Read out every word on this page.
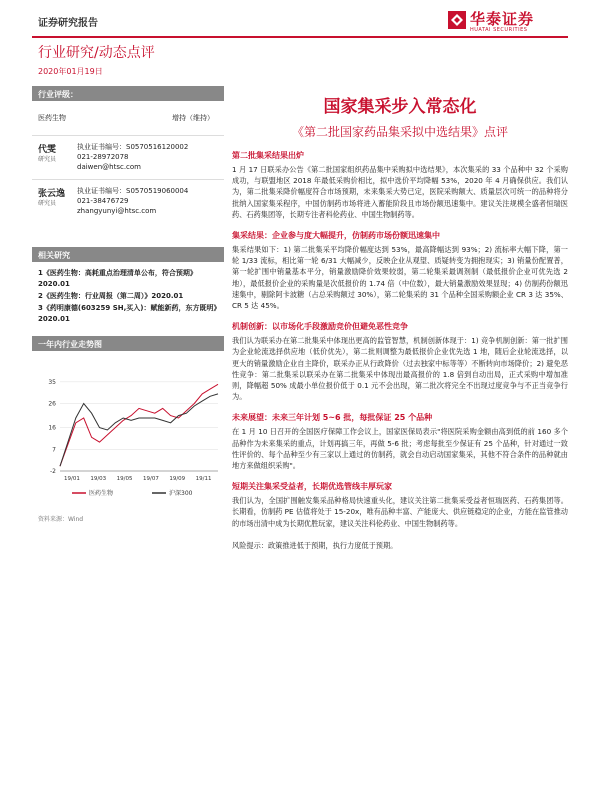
证券研究报告	华泰证券
HUATAI SECURITIES
行业研究/动态点评
2020年01月19日
行业评级：
医药生物	增持（维持）
代雯
研究员
执业证书编号：S0570516120002
021-28972078
daiwen@htsc.com
张云逸
研究员
执业证书编号：S0570519060004
021-38476729
zhangyunyi@htsc.com
相关研究
1《医药生物：高耗重点治理清单公布，符合预期》2020.01
2《医药生物：行业周报（第二周）》2020.01
3《药明康德(603259 SH,买入)：赋能新药，东方既明》2020.01
一年内行业走势图
-2
7
16
26
35
19/01 19/03 19/05 19/07 19/09 19/11
医药生物	沪深300
资料来源：Wind
国家集采步入常态化
《第二批国家药品集采拟中选结果》点评
第二批集采结果出炉
1 月 17 日联采办公告《第二批国家组织药品集中采购拟中选结果》，本次集采的 33 个品种中 32 个采购成功，与联盟地区 2018 年最低采购价相比，拟中选价平均降幅 53%，2020 年 4 月确保供应。我们认为，第二批集采降价幅度符合市场预期，未来集采大势已定，医院采购额大、质量层次可统一的品种将分批纳入国家集采程序，中国仿制药市场将进入蓄能阶段且市场份额迅速集中。建议关注规模全盛者恒瑞医药、石药集团等，长期专注者科伦药业、中国生物制药等。
集采结果：企业参与度大幅提升，仿制药市场份额迅速集中
集采结果如下：1) 第二批集采平均降价幅度达到 53%，最高降幅达到 93%；2) 流标率大幅下降，第一轮 1/33 流标，相比第一轮 6/31 大幅减少，反映企业从观望、质疑转变为拥抱现实；3) 销量份配置普，第一轮扩围中销量基本平分，销量激励降价效果较弱，第二轮集采最调剂制（最低报价企业可优先选 2 地），最低报价企业的采购量是次低报价的 1.74 倍（中位数），最大销量激励效果显现；4) 仿制药份额迅速集中，剔除阿卡波糖（占总采购额过 30%），第二轮集采的 31 个品种全国采购额企业 CR 3 达 35%、CR 5 达 45%。
机制创新：以市场化手段激励竞价但避免恶性竞争
我们认为联采办在第二批集采中体现出更高的监管智慧，机制创新体现于：1) 竞争机制创新：第一批扩围为企业轮流选择供应地（低价优先），第二批则调整为最低报价企业优先选 1 地，随后企业轮流选择，以更大的销量激励企业自主降价，联采办正从行政降价（过去独家中标等等）不断转向市场降价；2) 避免恶性竞争：第二批集采以联采办在第二批集采中体现出最高报价的 1.8 倍到自动出局，正式采购中增加准则，降幅超 50% 成最小单位报价低于 0.1 元不会出现，第二批次将完全不出现过度竞争与不正当竞争行为。
未来展望：未来三年计划 5~6 批，每批保证 25 个品种
在 1 月 10 日召开的全国医疗保障工作会议上，国家医保局表示"将医院采购金额由高到低的前 160 多个品种作为未来集采的重点，计划再搞三年，再做 5-6 批；考虑每批至少保证有 25 个品种，针对通过一致性评价的、每个品种至少有三家以上通过的仿制药，就会自动启动国家集采，其他不符合条件的品种就由地方来做组织采购"。
短期关注集采受益者，长期优选管线丰厚玩家
我们认为，全国扩围触发集采品种格局快速重头化，建议关注第二批集采受益者恒瑞医药、石药集团等。长期看，仿制药 PE 估值将处于 15-20x，唯有品种丰富、产能庞大、供应链稳定的企业，方能在监管推动的市场出清中成为长期优胜玩家，建议关注科伦药业、中国生物制药等。
风险提示：政策推进低于预期，执行力度低于预期。
